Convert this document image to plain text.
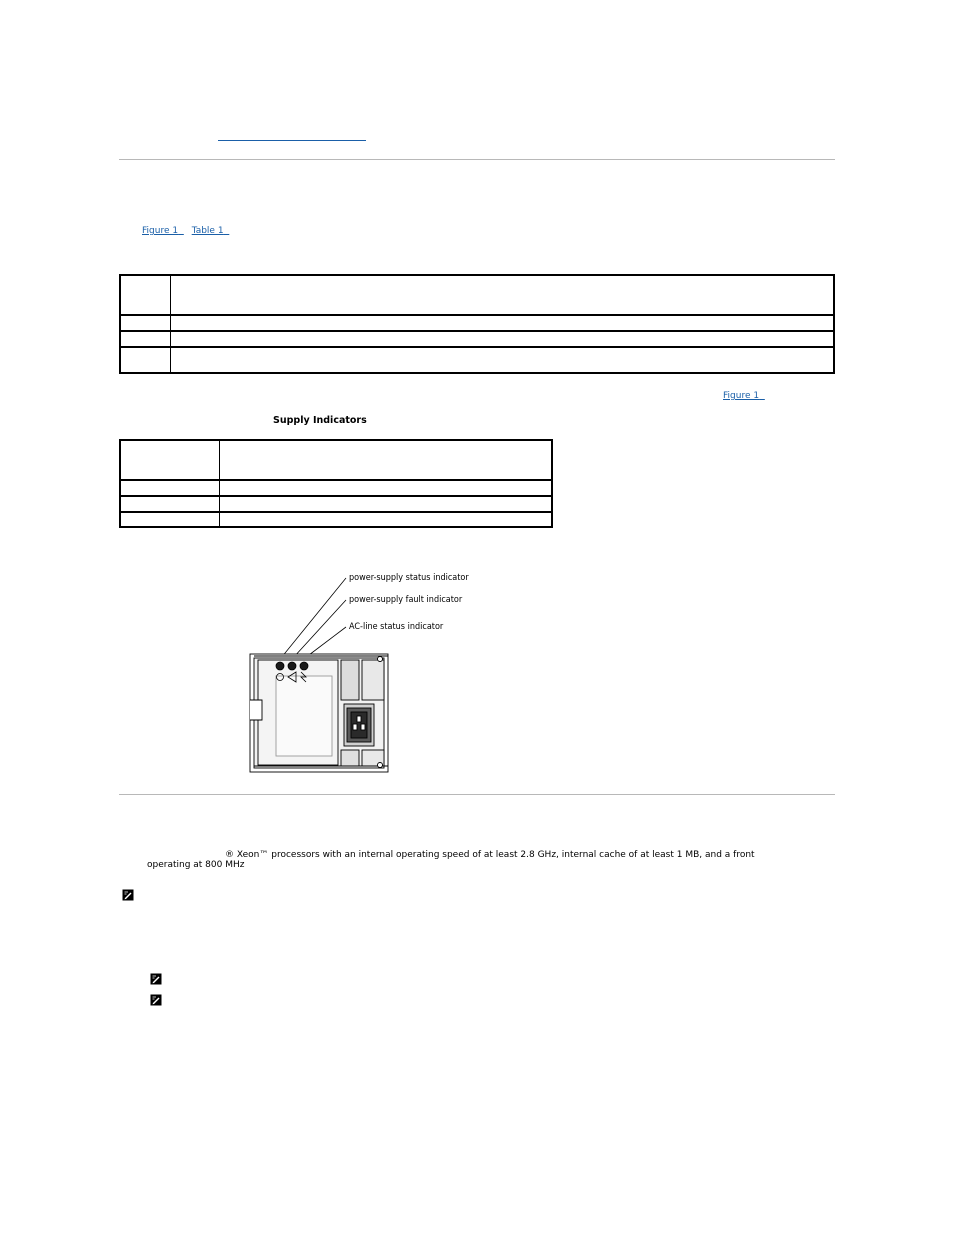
Figure 1 Table 1

Figure 1
Supply Indicators

power-supply status indicator
power-supply fault indicator
AC-line status indicator
® Xeon™ processors with an internal operating speed of at least 2.8 GHz, internal cache of at least 1 MB, and a front
operating at 800 MHz
